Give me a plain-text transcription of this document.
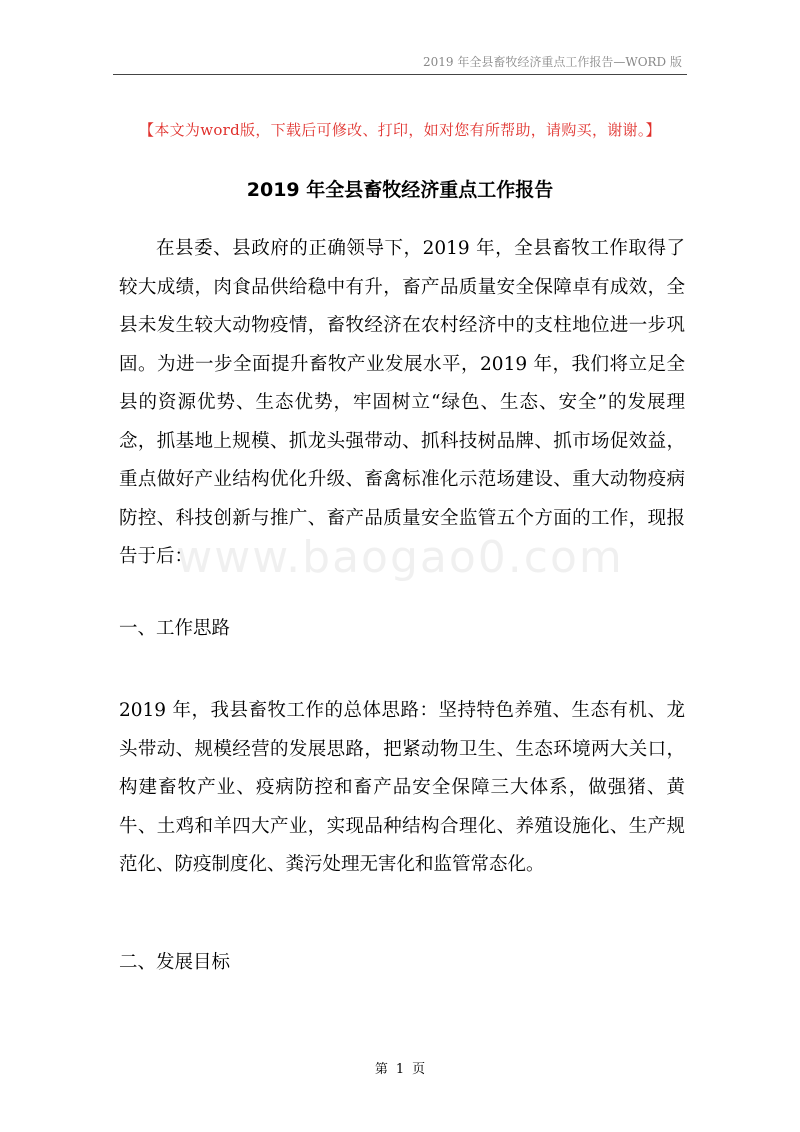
2019 年全县畜牧经济重点工作报告—WORD 版
【本文为word版，下载后可修改、打印，如对您有所帮助，请购买，谢谢。】
2019 年全县畜牧经济重点工作报告

在县委、县政府的正确领导下，2019 年，全县畜牧工作取得了较大成绩，肉食品供给稳中有升，畜产品质量安全保障卓有成效，全县未发生较大动物疫情，畜牧经济在农村经济中的支柱地位进一步巩固。为进一步全面提升畜牧产业发展水平，2019 年，我们将立足全县的资源优势、生态优势，牢固树立“绿色、生态、安全”的发展理念，抓基地上规模、抓龙头强带动、抓科技树品牌、抓市场促效益，重点做好产业结构优化升级、畜禽标准化示范场建设、重大动物疫病防控、科技创新与推广、畜产品质量安全监管五个方面的工作，现报告于后：

www.baogao0.com

一、工作思路

2019 年，我县畜牧工作的总体思路：坚持特色养殖、生态有机、龙头带动、规模经营的发展思路，把紧动物卫生、生态环境两大关口，构建畜牧产业、疫病防控和畜产品安全保障三大体系，做强猪、黄牛、土鸡和羊四大产业，实现品种结构合理化、养殖设施化、生产规范化、防疫制度化、粪污处理无害化和监管常态化。

二、发展目标

第 1 页
